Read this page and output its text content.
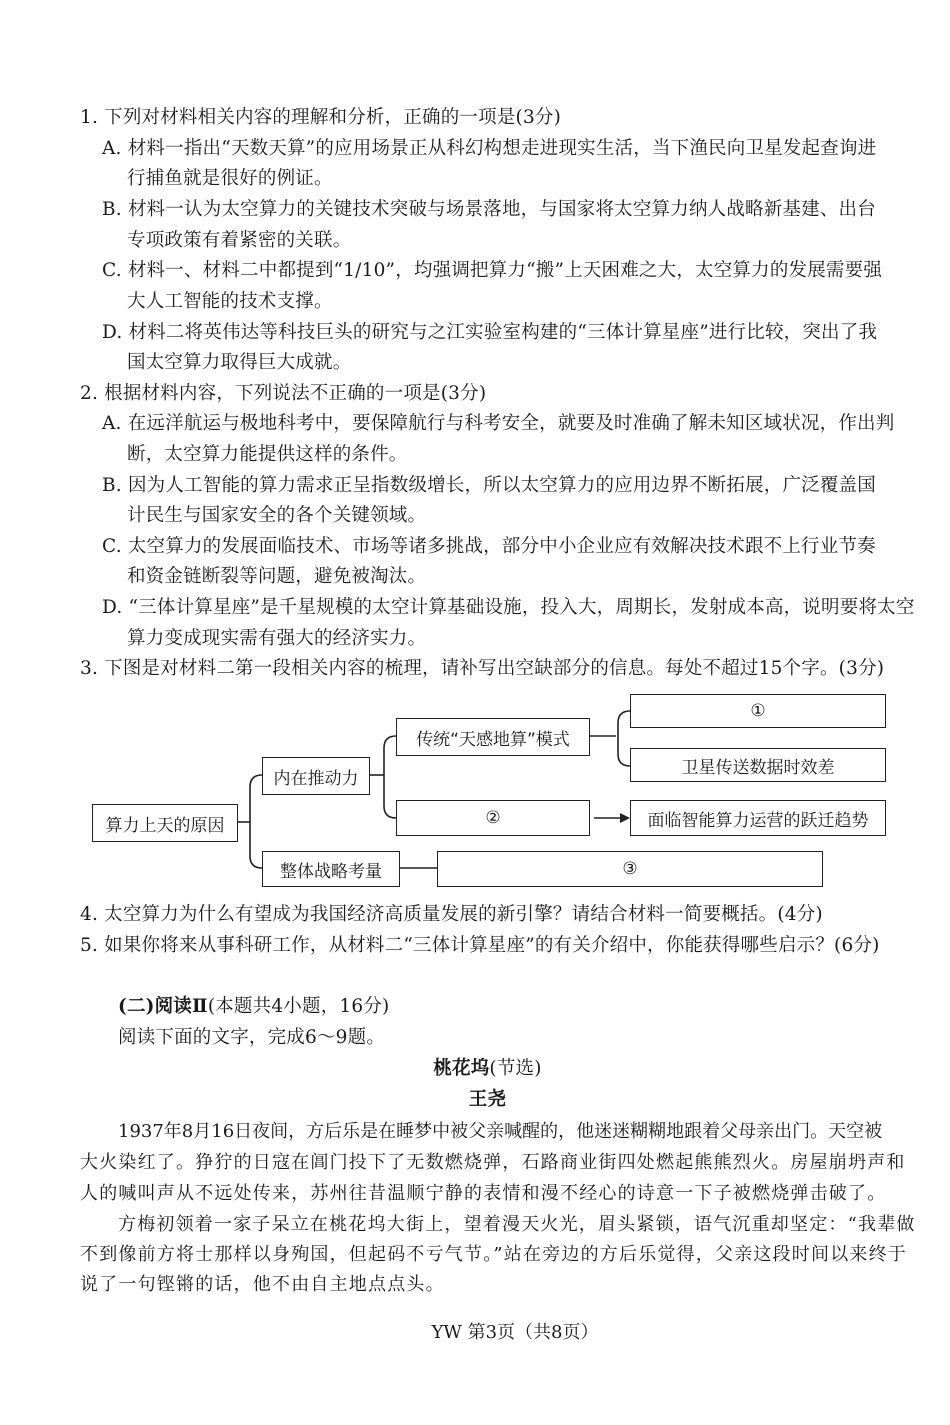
1. 下列对材料相关内容的理解和分析，正确的一项是(3分)
A. 材料一指出“天数天算”的应用场景正从科幻构想走进现实生活，当下渔民向卫星发起查询进
行捕鱼就是很好的例证。
B. 材料一认为太空算力的关键技术突破与场景落地，与国家将太空算力纳人战略新基建、出台
专项政策有着紧密的关联。
C. 材料一、材料二中都提到“1/10”，均强调把算力“搬”上天困难之大，太空算力的发展需要强
大人工智能的技术支撑。
D. 材料二将英伟达等科技巨头的研究与之江实验室构建的“三体计算星座”进行比较，突出了我
国太空算力取得巨大成就。
2. 根据材料内容，下列说法不正确的一项是(3分)
A. 在远洋航运与极地科考中，要保障航行与科考安全，就要及时准确了解未知区域状况，作出判
断，太空算力能提供这样的条件。
B. 因为人工智能的算力需求正呈指数级增长，所以太空算力的应用边界不断拓展，广泛覆盖国
计民生与国家安全的各个关键领域。
C. 太空算力的发展面临技术、市场等诸多挑战，部分中小企业应有效解决技术跟不上行业节奏
和资金链断裂等问题，避免被淘汰。
D. “三体计算星座”是千星规模的太空计算基础设施，投入大，周期长，发射成本高，说明要将太空
算力变成现实需有强大的经济实力。
3. 下图是对材料二第一段相关内容的梳理，请补写出空缺部分的信息。每处不超过15个字。(3分)
算力上天的原因
内在推动力
传统“天感地算”模式
①
卫星传送数据时效差
②	面临智能算力运营的跃迁趋势
整体战略考量	③
4. 太空算力为什么有望成为我国经济高质量发展的新引擎？请结合材料一简要概括。(4分)
5. 如果你将来从事科研工作，从材料二“三体计算星座”的有关介绍中，你能获得哪些启示？(6分)
(二)阅读Ⅱ(本题共4小题，16分)
阅读下面的文字，完成6～9题。
桃花坞(节选)
王尧
1937年8月16日夜间，方后乐是在睡梦中被父亲喊醒的，他迷迷糊糊地跟着父母亲出门。天空被
大火染红了。狰狞的日寇在阊门投下了无数燃烧弹，石路商业街四处燃起熊熊烈火。房屋崩坍声和
人的喊叫声从不远处传来，苏州往昔温顺宁静的表情和漫不经心的诗意一下子被燃烧弹击破了。
方梅初领着一家子呆立在桃花坞大街上，望着漫天火光，眉头紧锁，语气沉重却坚定：“我辈做
不到像前方将士那样以身殉国，但起码不亏气节。”站在旁边的方后乐觉得，父亲这段时间以来终于
说了一句铿锵的话，他不由自主地点点头。
YW 第3页（共8页）
